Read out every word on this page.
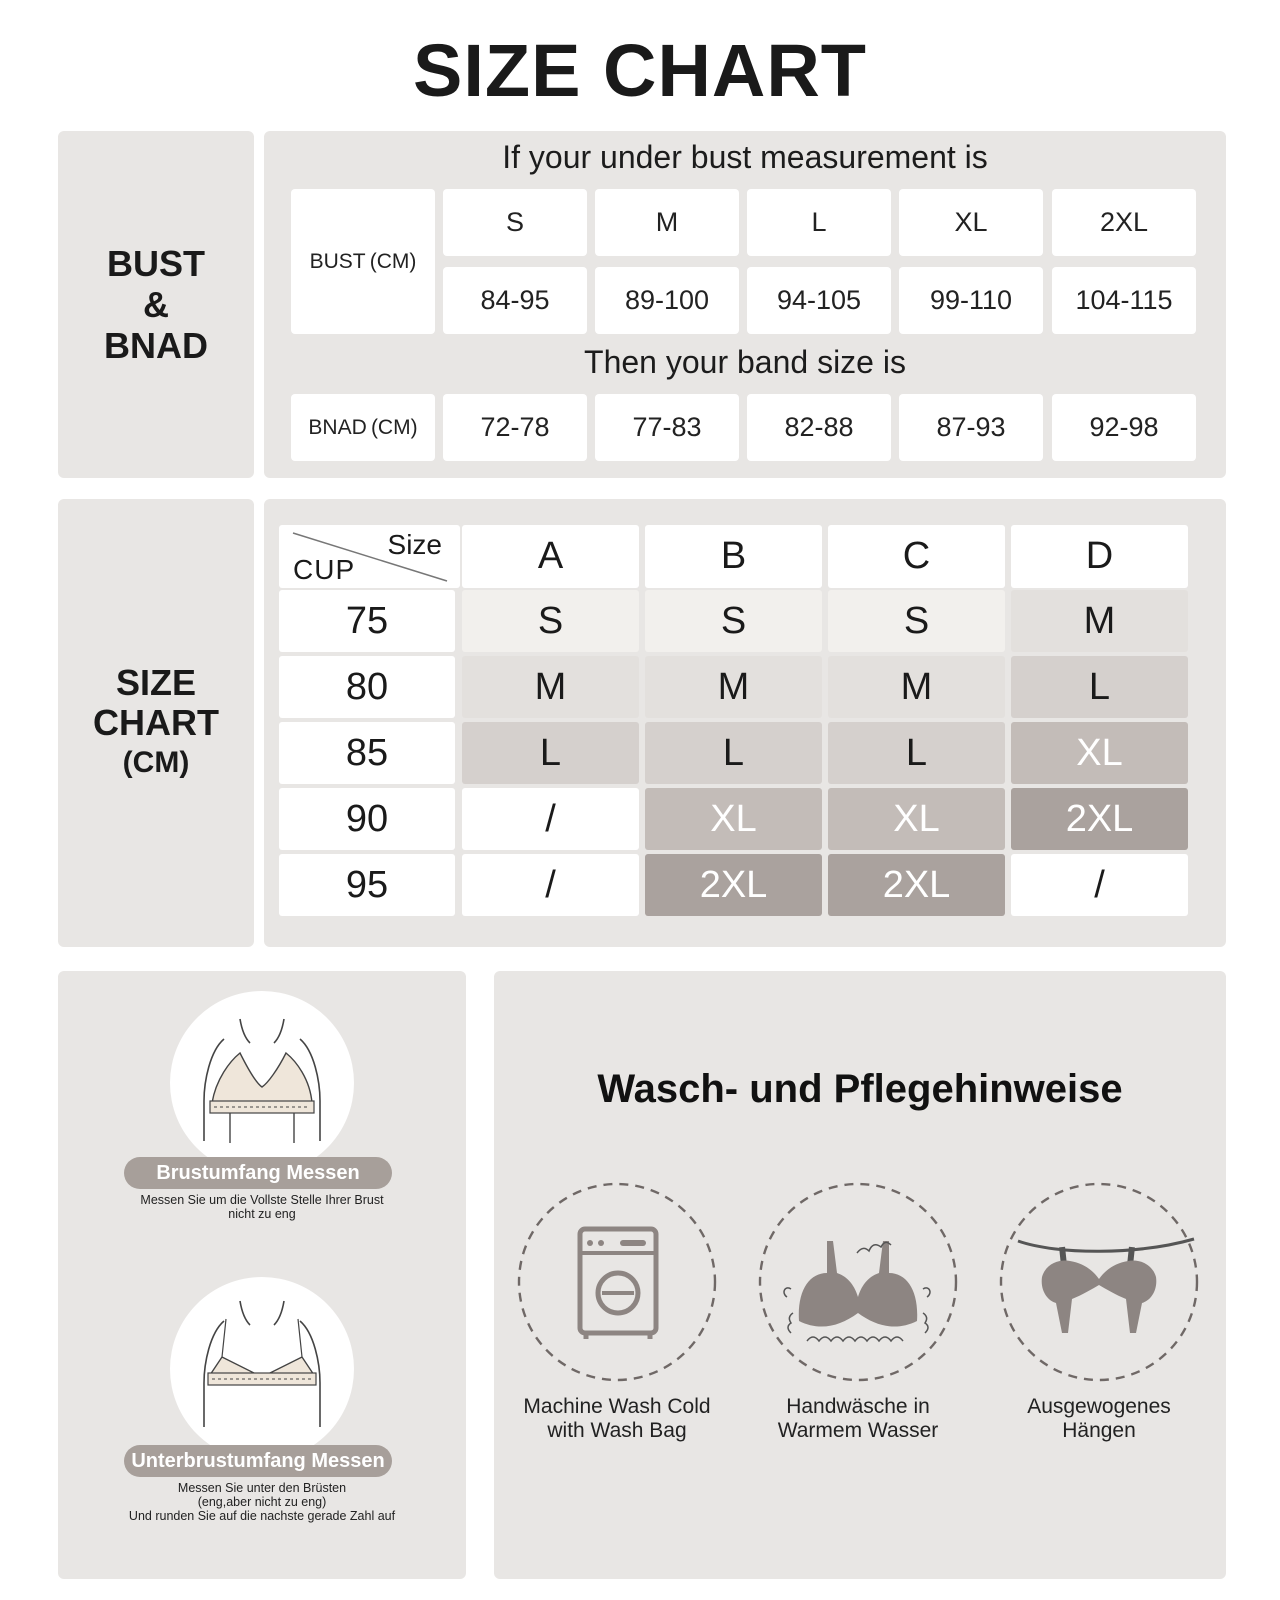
SIZE CHART
BUST
&
BNAD
If your under bust measurement is
BUST (CM)
S	M	L	XL	2XL
84-95	89-100	94-105	99-110	104-115
Then your band size is
BNAD (CM)	72-78	77-83	82-88	87-93	92-98
SIZE
CHART
(CM)
Size
CUP	A	B	C	D
75	S	S	S	M
80	M	M	M	L
85	L	L	L	XL
90	/	XL	XL	2XL
95	/	2XL	2XL	/
Brustumfang Messen
Messen Sie um die Vollste Stelle Ihrer Brust
nicht zu eng
Unterbrustumfang Messen
Messen Sie unter den Brüsten
(eng,aber nicht zu eng)
Und runden Sie auf die nachste gerade Zahl auf
Wasch- und Pflegehinweise
Machine Wash Cold
with Wash Bag
Handwäsche in
Warmem Wasser
Ausgewogenes
Hängen
